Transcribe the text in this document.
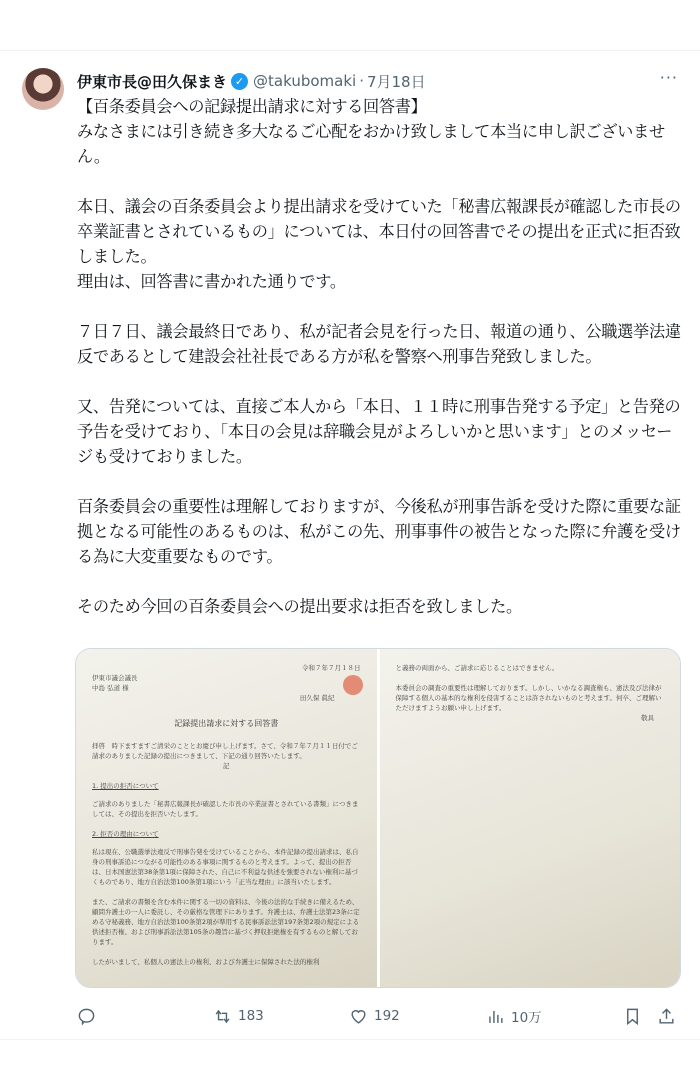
伊東市長@田久保まき ✓ @takubomaki · 7月18日	···

【百条委員会への記録提出請求に対する回答書】

みなさまには引き続き多大なるご心配をおかけ致しまして本当に申し訳ございません。

本日、議会の百条委員会より提出請求を受けていた「秘書広報課長が確認した市長の卒業証書とされているもの」については、本日付の回答書でその提出を正式に拒否致しました。

理由は、回答書に書かれた通りです。

７日７日、議会最終日であり、私が記者会見を行った日、報道の通り、公職選挙法違反であるとして建設会社社長である方が私を警察へ刑事告発致しました。

又、告発については、直接ご本人から「本日、１１時に刑事告発する予定」と告発の予告を受けており、「本日の会見は辞職会見がよろしいかと思います」とのメッセージも受けておりました。

百条委員会の重要性は理解しておりますが、今後私が刑事告訴を受けた際に重要な証拠となる可能性のあるものは、私がこの先、刑事事件の被告となった際に弁護を受ける為に大変重要なものです。

そのため今回の百条委員会への提出要求は拒否を致しました。

令和７年７月１８日
伊東市議会議長
中島 弘道 様
田久保 眞紀
記録提出請求に対する回答書
拝啓　時下ますますご清栄のこととお慶び申し上げます。さて、令和７年７月１１日付でご請求のありました記録の提出につきまして、下記の通り回答いたします。
記
1. 提出の拒否について
ご請求のありました「秘書広報課長が確認した市長の卒業証書とされている書類」につきましては、その提出を拒否いたします。
2. 拒否の理由について
私は現在、公職選挙法違反で刑事告発を受けていることから、本件記録の提出請求は、私自身の刑事訴追につながる可能性のある事項に関するものと考えます。よって、提出の拒否は、日本国憲法第38条第1項に保障された、自己に不利益な供述を強要されない権利に基づくものであり、地方自治法第100条第1項にいう「正当な理由」に該当いたします。
また、ご請求の書類を含む本件に関する一切の資料は、今後の法的な手続きに備えるため、顧問弁護士の一人に委託し、その厳格な管理下にあります。弁護士は、弁護士法第23条に定める守秘義務、地方自治法第100条第2項が準用する民事訴訟法第197条第2項の規定による供述拒否権、および刑事訴訟法第105条の趣旨に基づく押収拒絶権を有するものと解しております。
したがいまして、私個人の憲法上の権利、および弁護士に保障された法的権利
と義務の両面から、ご請求に応じることはできません。
本委員会の調査の重要性は理解しております。しかし、いかなる調査権も、憲法及び法律が保障する個人の基本的な権利を侵害することは許されないものと考えます。何卒、ご理解いただけますようお願い申し上げます。
敬具
183	192	10万
